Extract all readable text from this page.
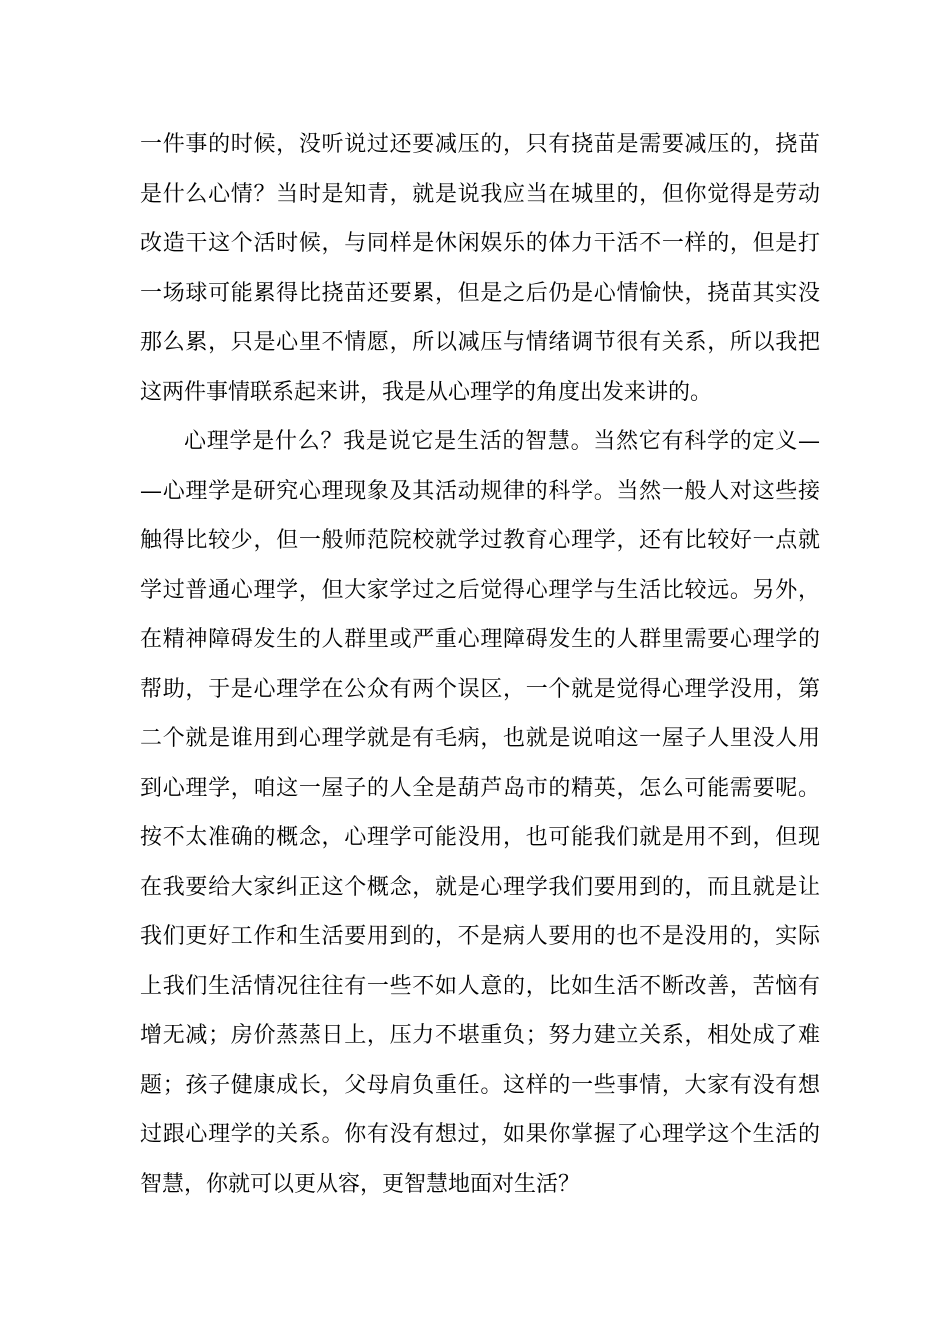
一件事的时候，没听说过还要减压的，只有挠苗是需要减压的，挠苗
是什么心情？当时是知青，就是说我应当在城里的，但你觉得是劳动
改造干这个活时候，与同样是休闲娱乐的体力干活不一样的，但是打
一场球可能累得比挠苗还要累，但是之后仍是心情愉快，挠苗其实没
那么累，只是心里不情愿，所以减压与情绪调节很有关系，所以我把
这两件事情联系起来讲，我是从心理学的角度出发来讲的。
心理学是什么？我是说它是生活的智慧。当然它有科学的定义—
—心理学是研究心理现象及其活动规律的科学。当然一般人对这些接
触得比较少，但一般师范院校就学过教育心理学，还有比较好一点就
学过普通心理学，但大家学过之后觉得心理学与生活比较远。另外，
在精神障碍发生的人群里或严重心理障碍发生的人群里需要心理学的
帮助，于是心理学在公众有两个误区，一个就是觉得心理学没用，第
二个就是谁用到心理学就是有毛病，也就是说咱这一屋子人里没人用
到心理学，咱这一屋子的人全是葫芦岛市的精英，怎么可能需要呢。
按不太准确的概念，心理学可能没用，也可能我们就是用不到，但现
在我要给大家纠正这个概念，就是心理学我们要用到的，而且就是让
我们更好工作和生活要用到的，不是病人要用的也不是没用的，实际
上我们生活情况往往有一些不如人意的，比如生活不断改善，苦恼有
增无减；房价蒸蒸日上，压力不堪重负；努力建立关系，相处成了难
题；孩子健康成长，父母肩负重任。这样的一些事情，大家有没有想
过跟心理学的关系。你有没有想过，如果你掌握了心理学这个生活的
智慧，你就可以更从容，更智慧地面对生活？
